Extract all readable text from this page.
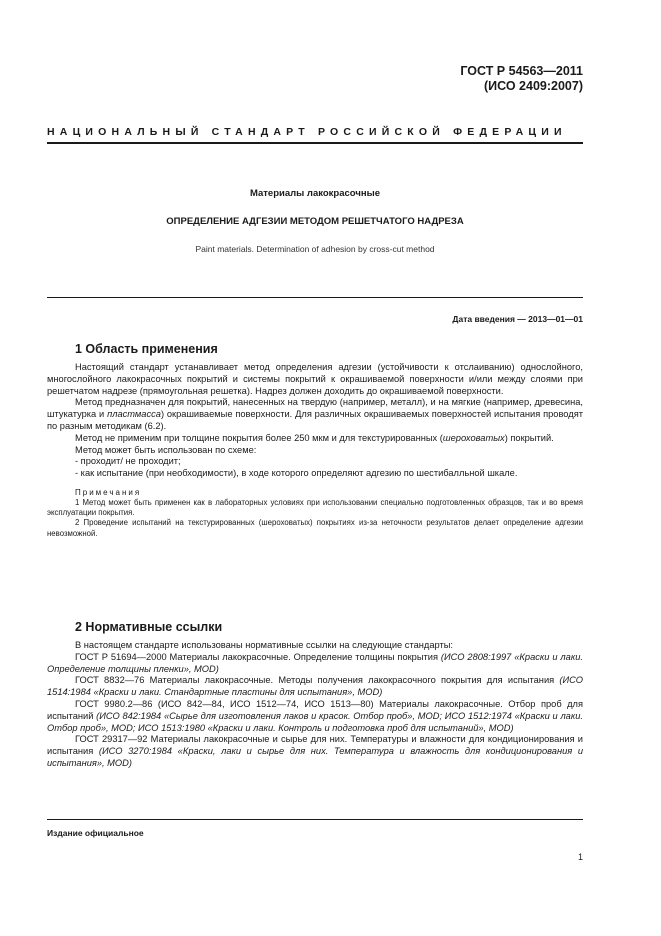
ГОСТ Р 54563—2011
(ИСО 2409:2007)
НАЦИОНАЛЬНЫЙ СТАНДАРТ РОССИЙСКОЙ ФЕДЕРАЦИИ
Материалы лакокрасочные
ОПРЕДЕЛЕНИЕ АДГЕЗИИ МЕТОДОМ РЕШЕТЧАТОГО НАДРЕЗА
Paint materials. Determination of adhesion by cross-cut method
Дата введения — 2013—01—01
1 Область применения

Настоящий стандарт устанавливает метод определения адгезии (устойчивости к отслаиванию) однослойного, многослойного лакокрасочных покрытий и системы покрытий к окрашиваемой поверхности и/или между слоями при решетчатом надрезе (прямоугольная решетка). Надрез должен доходить до окрашиваемой поверхности.

Метод предназначен для покрытий, нанесенных на твердую (например, металл), и на мягкие (например, древесина, штукатурка и пластмасса) окрашиваемые поверхности. Для различных окрашиваемых поверхностей испытания проводят по разным методикам (6.2).

Метод не применим при толщине покрытия более 250 мкм и для текстурированных (шероховатых) покрытий.

Метод может быть использован по схеме:

- проходит/ не проходит;

- как испытание (при необходимости), в ходе которого определяют адгезию по шестибалльной шкале.

Примечания

1 Метод может быть применен как в лабораторных условиях при использовании специально подготовленных образцов, так и во время эксплуатации покрытия.

2 Проведение испытаний на текстурированных (шероховатых) покрытиях из-за неточности результатов делает определение адгезии невозможной.

2 Нормативные ссылки

В настоящем стандарте использованы нормативные ссылки на следующие стандарты:

ГОСТ Р 51694—2000 Материалы лакокрасочные. Определение толщины покрытия (ИСО 2808:1997 «Краски и лаки. Определение толщины пленки», MOD)

ГОСТ 8832—76 Материалы лакокрасочные. Методы получения лакокрасочного покрытия для испытания (ИСО 1514:1984 «Краски и лаки. Стандартные пластины для испытания», MOD)

ГОСТ 9980.2—86 (ИСО 842—84, ИСО 1512—74, ИСО 1513—80) Материалы лакокрасочные. Отбор проб для испытаний (ИСО 842:1984 «Сырье для изготовления лаков и красок. Отбор проб», MOD; ИСО 1512:1974 «Краски и лаки. Отбор проб», MOD; ИСО 1513:1980 «Краски и лаки. Контроль и подготовка проб для испытаний», MOD)

ГОСТ 29317—92 Материалы лакокрасочные и сырье для них. Температуры и влажности для кондиционирования и испытания (ИСО 3270:1984 «Краски, лаки и сырье для них. Температура и влажность для кондиционирования и испытания», MOD)

Издание официальное
1
